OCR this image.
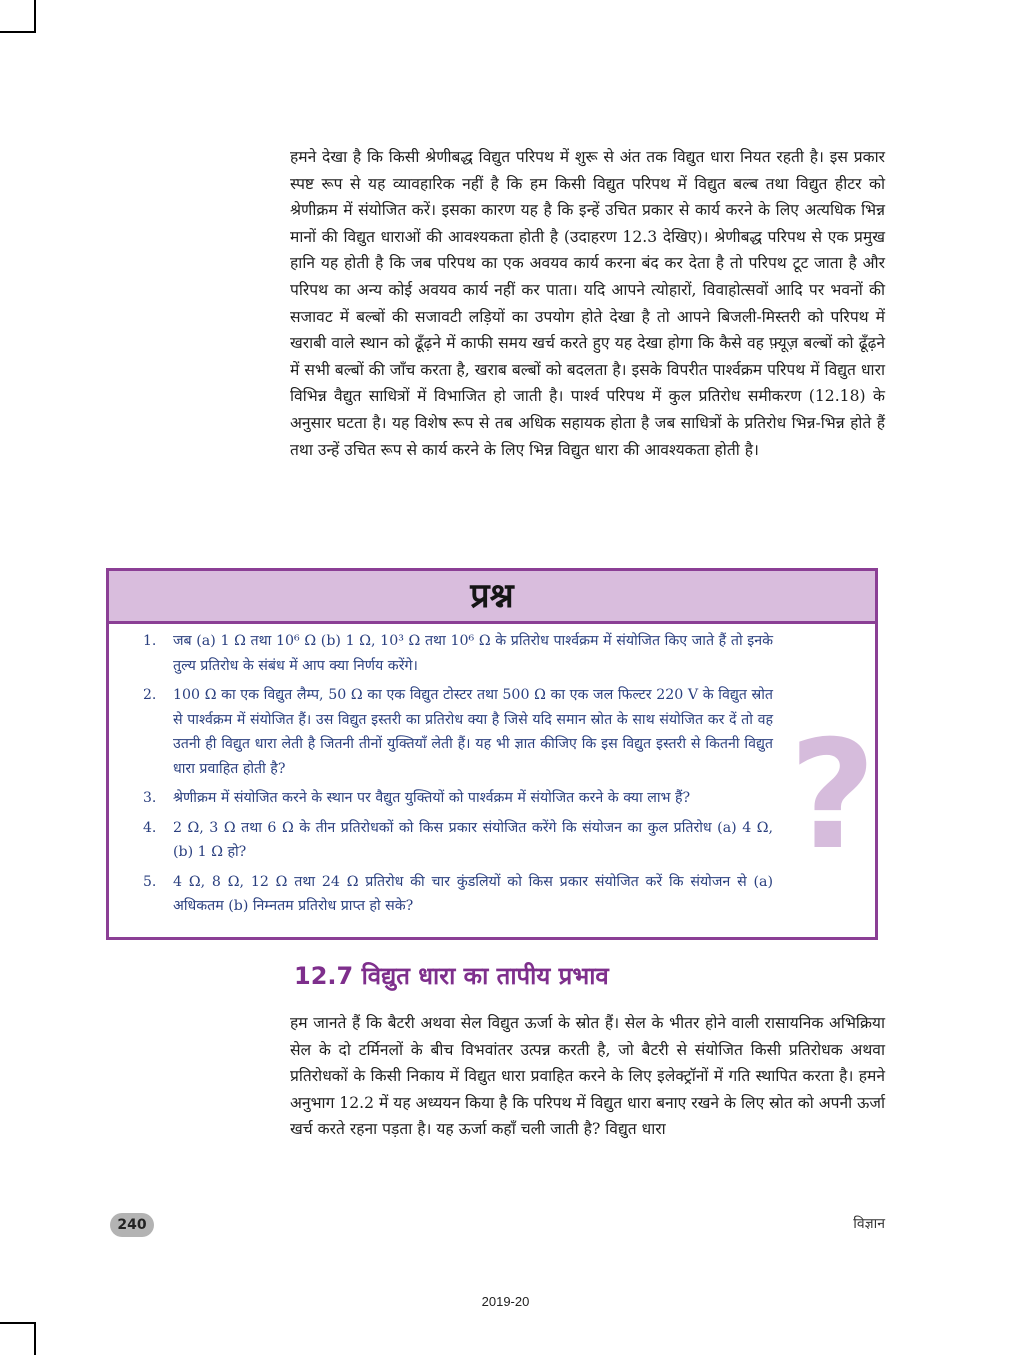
हमने देखा है कि किसी श्रेणीबद्ध विद्युत परिपथ में शुरू से अंत तक विद्युत धारा नियत रहती है। इस प्रकार स्पष्ट रूप से यह व्यावहारिक नहीं है कि हम किसी विद्युत परिपथ में विद्युत बल्ब तथा विद्युत हीटर को श्रेणीक्रम में संयोजित करें। इसका कारण यह है कि इन्हें उचित प्रकार से कार्य करने के लिए अत्यधिक भिन्न मानों की विद्युत धाराओं की आवश्यकता होती है (उदाहरण 12.3 देखिए)। श्रेणीबद्ध परिपथ से एक प्रमुख हानि यह होती है कि जब परिपथ का एक अवयव कार्य करना बंद कर देता है तो परिपथ टूट जाता है और परिपथ का अन्य कोई अवयव कार्य नहीं कर पाता। यदि आपने त्योहारों, विवाहोत्सवों आदि पर भवनों की सजावट में बल्बों की सजावटी लड़ियों का उपयोग होते देखा है तो आपने बिजली-मिस्तरी को परिपथ में खराबी वाले स्थान को ढूँढ़ने में काफी समय खर्च करते हुए यह देखा होगा कि कैसे वह फ़्यूज़ बल्बों को ढूँढ़ने में सभी बल्बों की जाँच करता है, खराब बल्बों को बदलता है। इसके विपरीत पार्श्वक्रम परिपथ में विद्युत धारा विभिन्न वैद्युत साधित्रों में विभाजित हो जाती है। पार्श्व परिपथ में कुल प्रतिरोध समीकरण (12.18) के अनुसार घटता है। यह विशेष रूप से तब अधिक सहायक होता है जब साधित्रों के प्रतिरोध भिन्न-भिन्न होते हैं तथा उन्हें उचित रूप से कार्य करने के लिए भिन्न विद्युत धारा की आवश्यकता होती है।

प्रश्न
?
1. जब (a) 1 Ω तथा 10⁶ Ω (b) 1 Ω, 10³ Ω तथा 10⁶ Ω के प्रतिरोध पार्श्वक्रम में संयोजित किए जाते हैं तो इनके तुल्य प्रतिरोध के संबंध में आप क्या निर्णय करेंगे।
2. 100 Ω का एक विद्युत लैम्प, 50 Ω का एक विद्युत टोस्टर तथा 500 Ω का एक जल फिल्टर 220 V के विद्युत स्रोत से पार्श्वक्रम में संयोजित हैं। उस विद्युत इस्तरी का प्रतिरोध क्या है जिसे यदि समान स्रोत के साथ संयोजित कर दें तो वह उतनी ही विद्युत धारा लेती है जितनी तीनों युक्तियाँ लेती हैं। यह भी ज्ञात कीजिए कि इस विद्युत इस्तरी से कितनी विद्युत धारा प्रवाहित होती है?
3. श्रेणीक्रम में संयोजित करने के स्थान पर वैद्युत युक्तियों को पार्श्वक्रम में संयोजित करने के क्या लाभ हैं?
4. 2 Ω, 3 Ω तथा 6 Ω के तीन प्रतिरोधकों को किस प्रकार संयोजित करेंगे कि संयोजन का कुल प्रतिरोध (a) 4 Ω, (b) 1 Ω हो?
5. 4 Ω, 8 Ω, 12 Ω तथा 24 Ω प्रतिरोध की चार कुंडलियों को किस प्रकार संयोजित करें कि संयोजन से (a) अधिकतम (b) निम्नतम प्रतिरोध प्राप्त हो सके?
12.7 विद्युत धारा का तापीय प्रभाव

हम जानते हैं कि बैटरी अथवा सेल विद्युत ऊर्जा के स्रोत हैं। सेल के भीतर होने वाली रासायनिक अभिक्रिया सेल के दो टर्मिनलों के बीच विभवांतर उत्पन्न करती है, जो बैटरी से संयोजित किसी प्रतिरोधक अथवा प्रतिरोधकों के किसी निकाय में विद्युत धारा प्रवाहित करने के लिए इलेक्ट्रॉनों में गति स्थापित करता है। हमने अनुभाग 12.2 में यह अध्ययन किया है कि परिपथ में विद्युत धारा बनाए रखने के लिए स्रोत को अपनी ऊर्जा खर्च करते रहना पड़ता है। यह ऊर्जा कहाँ चली जाती है? विद्युत धारा

240	विज्ञान
2019-20
